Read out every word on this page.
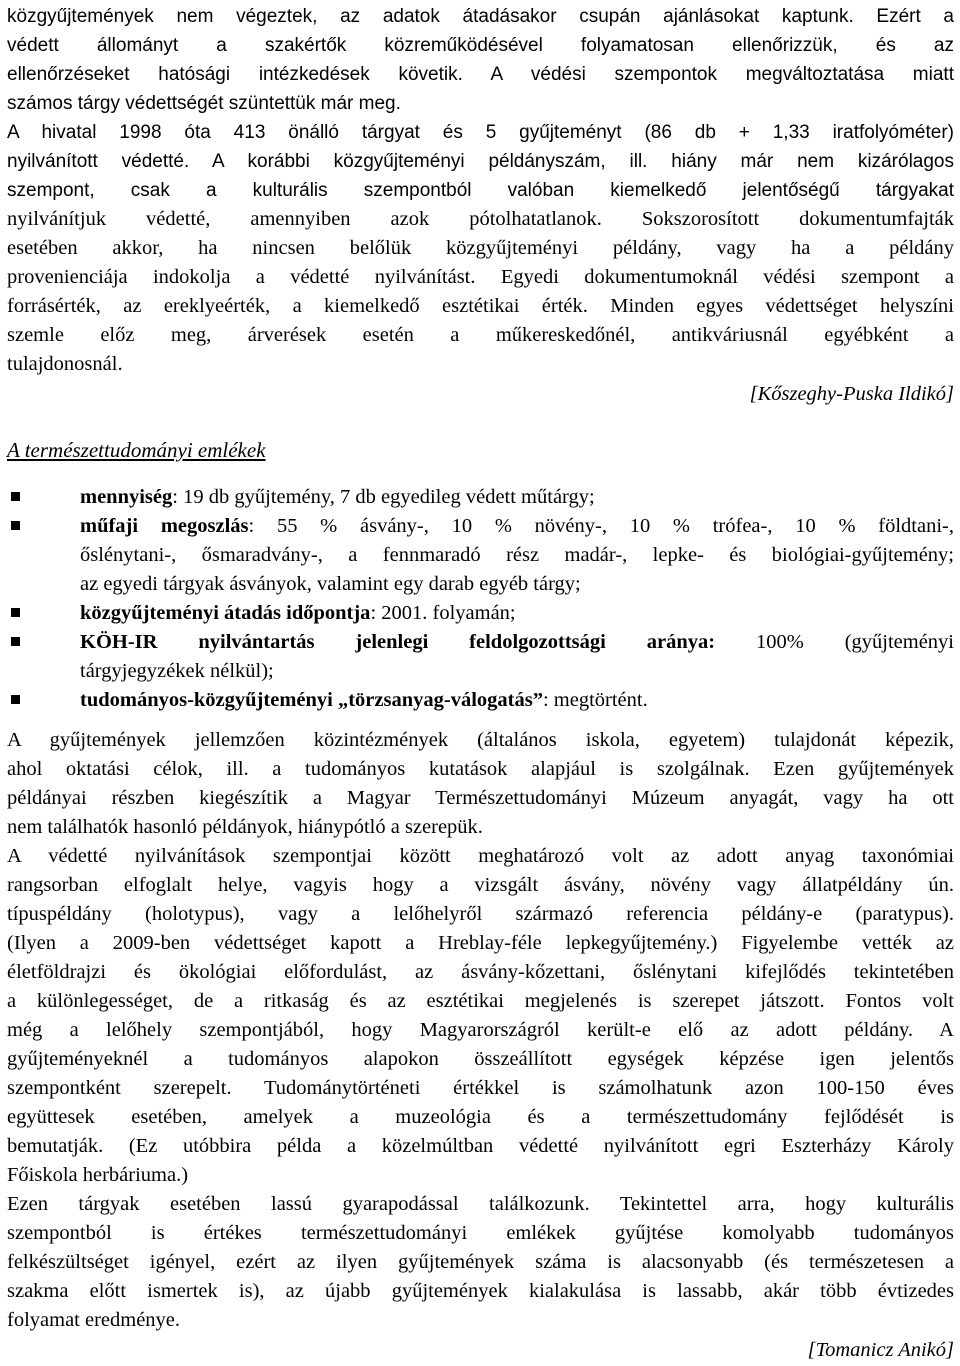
közgyűjtemények nem végeztek, az adatok átadásakor csupán ajánlásokat kaptunk. Ezért a
védett állományt a szakértők közreműködésével folyamatosan ellenőrizzük, és az
ellenőrzéseket hatósági intézkedések követik. A védési szempontok megváltoztatása miatt
számos tárgy védettségét szüntettük már meg.
A hivatal 1998 óta 413 önálló tárgyat és 5 gyűjteményt (86 db + 1,33 iratfolyóméter)
nyilvánított védetté. A korábbi közgyűjteményi példányszám, ill. hiány már nem kizárólagos
szempont, csak a kulturális szempontból valóban kiemelkedő jelentőségű tárgyakat
nyilvánítjuk védetté, amennyiben azok pótolhatatlanok. Sokszorosított dokumentumfajták
esetében akkor, ha nincsen belőlük közgyűjteményi példány, vagy ha a példány
provenienciája indokolja a védetté nyilvánítást. Egyedi dokumentumoknál védési szempont a
forrásérték, az ereklyeérték, a kiemelkedő esztétikai érték. Minden egyes védettséget helyszíni
szemle előz meg, árverések esetén a műkereskedőnél, antikváriusnál egyébként a
tulajdonosnál.
[Kőszeghy-Puska Ildikó]
A természettudományi emlékek
mennyiség: 19 db gyűjtemény, 7 db egyedileg védett műtárgy;
műfaji megoszlás: 55 % ásvány-, 10 % növény-, 10 % trófea-, 10 % földtani-,
őslénytani-, ősmaradvány-, a fennmaradó rész madár-, lepke- és biológiai-gyűjtemény;
az egyedi tárgyak ásványok, valamint egy darab egyéb tárgy;
közgyűjteményi átadás időpontja: 2001. folyamán;
KÖH-IR nyilvántartás jelenlegi feldolgozottsági aránya: 100% (gyűjteményi
tárgyjegyzékek nélkül);
tudományos-közgyűjteményi „törzsanyag-válogatás”: megtörtént.
A gyűjtemények jellemzően közintézmények (általános iskola, egyetem) tulajdonát képezik,
ahol oktatási célok, ill. a tudományos kutatások alapjául is szolgálnak. Ezen gyűjtemények
példányai részben kiegészítik a Magyar Természettudományi Múzeum anyagát, vagy ha ott
nem találhatók hasonló példányok, hiánypótló a szerepük.
A védetté nyilvánítások szempontjai között meghatározó volt az adott anyag taxonómiai
rangsorban elfoglalt helye, vagyis hogy a vizsgált ásvány, növény vagy állatpéldány ún.
típuspéldány (holotypus), vagy a lelőhelyről származó referencia példány-e (paratypus).
(Ilyen a 2009-ben védettséget kapott a Hreblay-féle lepkegyűjtemény.) Figyelembe vették az
életföldrajzi és ökológiai előfordulást, az ásvány-kőzettani, őslénytani kifejlődés tekintetében
a különlegességet, de a ritkaság és az esztétikai megjelenés is szerepet játszott. Fontos volt
még a lelőhely szempontjából, hogy Magyarországról került-e elő az adott példány. A
gyűjteményeknél a tudományos alapokon összeállított egységek képzése igen jelentős
szempontként szerepelt. Tudománytörténeti értékkel is számolhatunk azon 100-150 éves
együttesek esetében, amelyek a muzeológia és a természettudomány fejlődését is
bemutatják. (Ez utóbbira példa a közelmúltban védetté nyilvánított egri Eszterházy Károly
Főiskola herbáriuma.)
Ezen tárgyak esetében lassú gyarapodással találkozunk. Tekintettel arra, hogy kulturális
szempontból is értékes természettudományi emlékek gyűjtése komolyabb tudományos
felkészültséget igényel, ezért az ilyen gyűjtemények száma is alacsonyabb (és természetesen a
szakma előtt ismertek is), az újabb gyűjtemények kialakulása is lassabb, akár több évtizedes
folyamat eredménye.
[Tomanicz Anikó]
